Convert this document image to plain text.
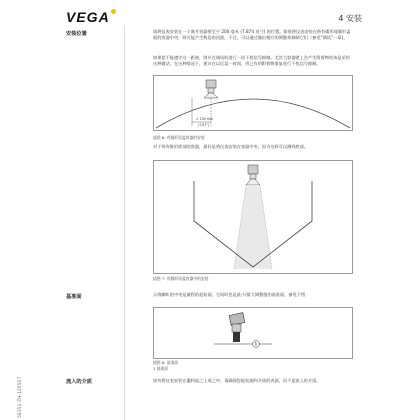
VEGA	4 安装
安装位置	请将仪表安装在一个离开容器壁至少 200 毫米 (7.874 英寸) 的位置。如果将仪表安装在带有碟形或圆形盖板的容器中央，则可能产生数倍的回波，不过，可以通过做出相应的调整来抑制它们（参见“调试”一章)。
如果您不能遵守这一距离，则应在调试时进行一次干扰信号抑制。尤其当容器壁上会产生附着物时该是采用这种做法。在这种情况下，建议在以后某一时间，用已有的附着物重复进行干扰信号抑制。
> 200 mm
(7.87")
插图 6: 有圆形顶盖容器的安装
对于带有锥形底部的容器，最好是将仪表安装在容器中央，因为这样可以测到底部。
插图 7: 有圆形顶盖容器中的安装
基准面	天线喇叭的中央是量程的起始面，它同时也是最小/最大调整值的基准面，参见下图：
1
插图 8: 基准面
1 基准面
流入的介质	请勿将仪表安装在灌料流之上或之中。请确保您能检测到介质的表面，而不是流入的介质。
58351-ZH-120507
